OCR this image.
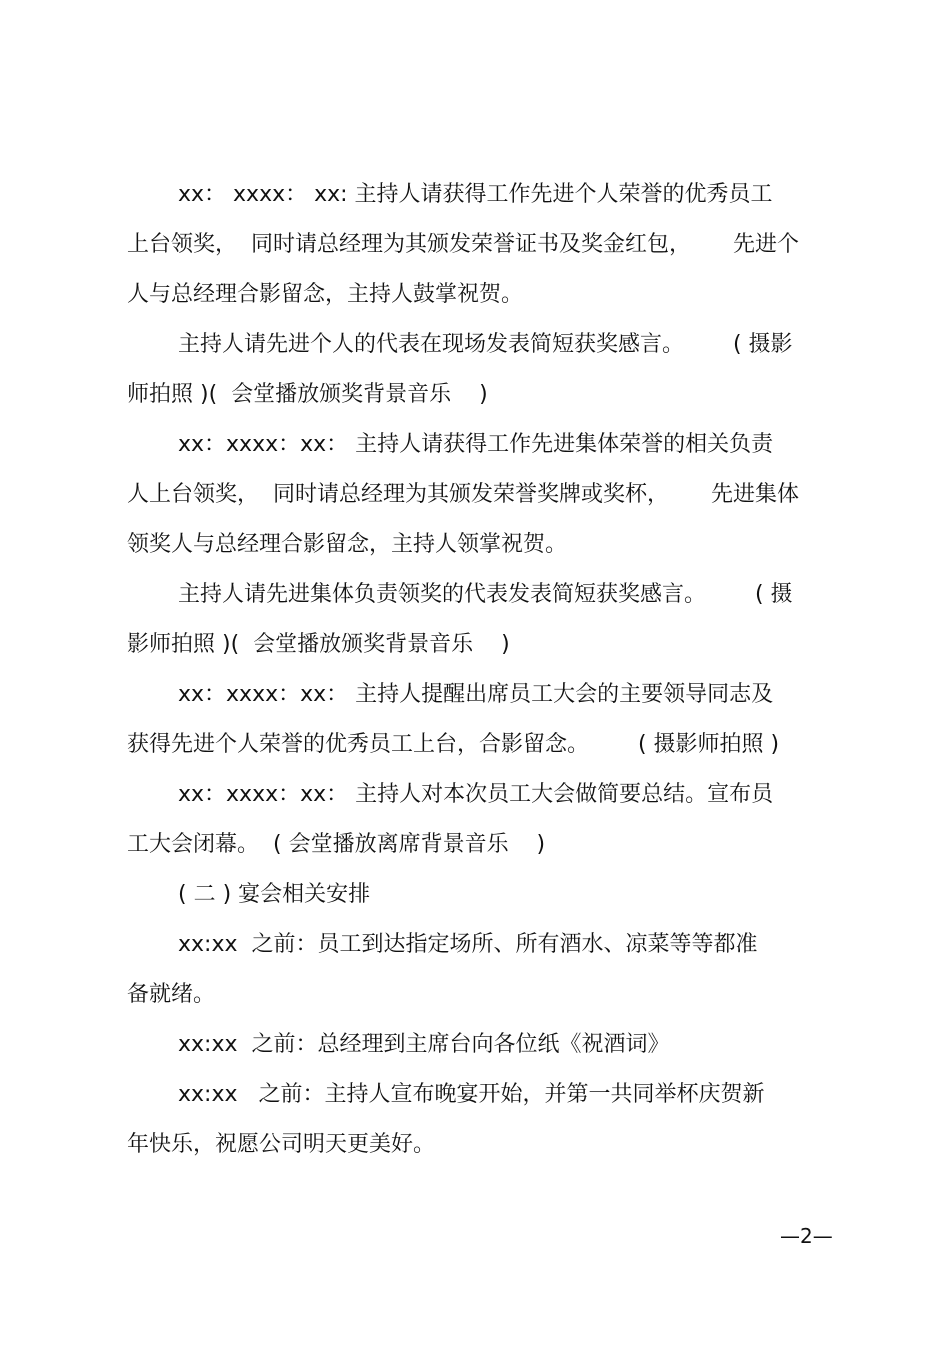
xx： xxxx： xx: 主持人请获得工作先进个人荣誉的优秀员工
上台领奖，  同时请总经理为其颁发荣誉证书及奖金红包，      先进个
人与总经理合影留念，主持人鼓掌祝贺。
主持人请先进个人的代表在现场发表简短获奖感言。       ( 摄影
师拍照 )(  会堂播放颁奖背景音乐    )
xx：xxxx：xx： 主持人请获得工作先进集体荣誉的相关负责
人上台领奖，  同时请总经理为其颁发荣誉奖牌或奖杯，      先进集体
领奖人与总经理合影留念，主持人领掌祝贺。
主持人请先进集体负责领奖的代表发表简短获奖感言。       ( 摄
影师拍照 )(  会堂播放颁奖背景音乐    )
xx：xxxx：xx： 主持人提醒出席员工大会的主要领导同志及
获得先进个人荣誉的优秀员工上台，合影留念。       ( 摄影师拍照 )
xx：xxxx：xx： 主持人对本次员工大会做简要总结。宣布员
工大会闭幕。  ( 会堂播放离席背景音乐    )
( 二 ) 宴会相关安排
xx:xx  之前：员工到达指定场所、所有酒水、凉菜等等都准
备就绪。
xx:xx  之前：总经理到主席台向各位纸《祝酒词》
xx:xx   之前：主持人宣布晚宴开始，并第一共同举杯庆贺新
年快乐，祝愿公司明天更美好。
—2—
